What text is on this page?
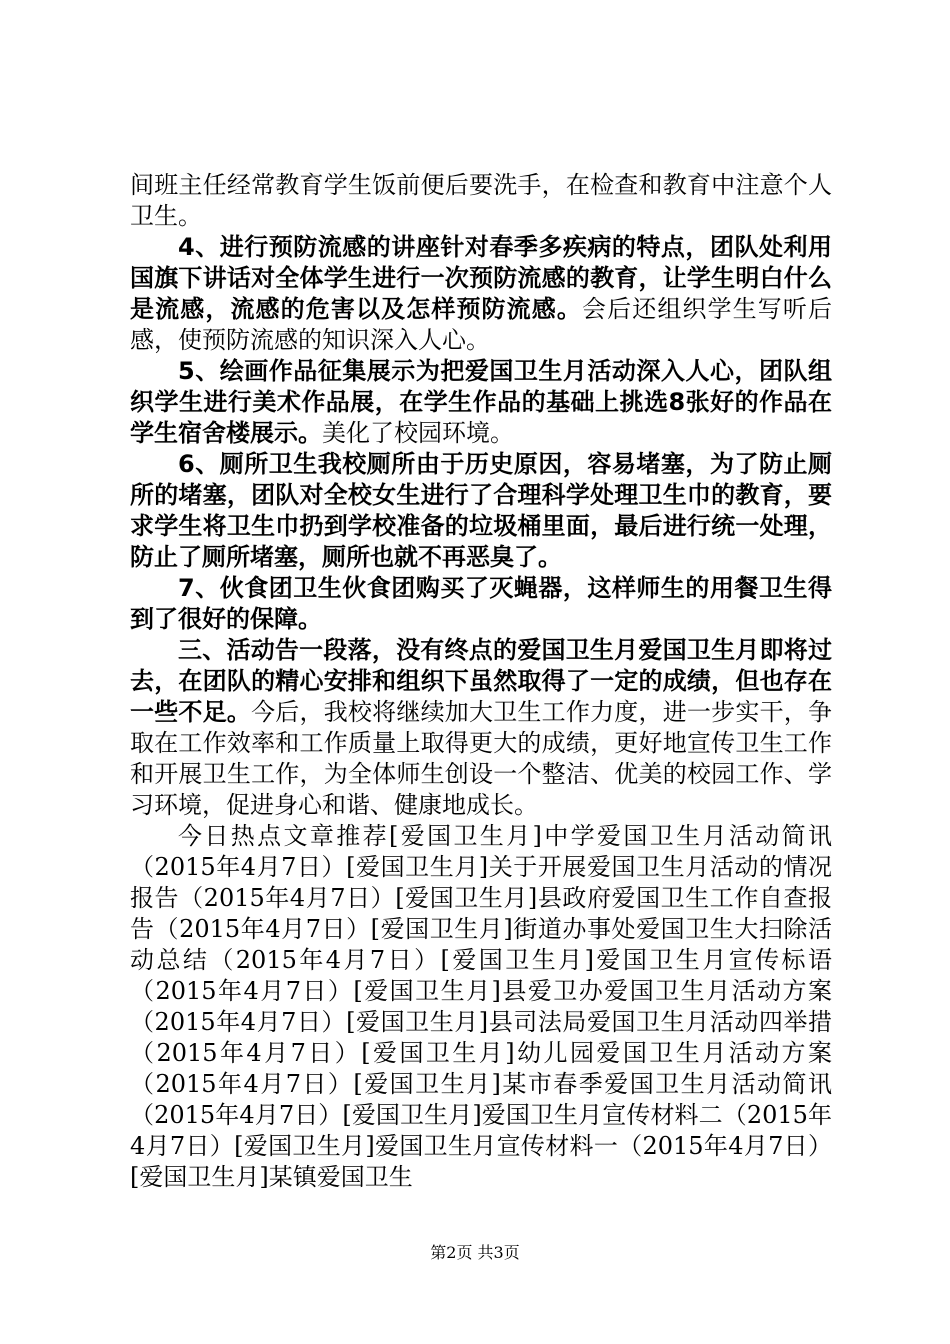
间班主任经常教育学生饭前便后要洗手，在检查和教育中注意个人卫生。

4、进行预防流感的讲座针对春季多疾病的特点，团队处利用国旗下讲话对全体学生进行一次预防流感的教育，让学生明白什么是流感，流感的危害以及怎样预防流感。会后还组织学生写听后感，使预防流感的知识深入人心。

5、绘画作品征集展示为把爱国卫生月活动深入人心，团队组织学生进行美术作品展，在学生作品的基础上挑选8张好的作品在学生宿舍楼展示。美化了校园环境。

6、厕所卫生我校厕所由于历史原因，容易堵塞，为了防止厕所的堵塞，团队对全校女生进行了合理科学处理卫生巾的教育，要求学生将卫生巾扔到学校准备的垃圾桶里面，最后进行统一处理，防止了厕所堵塞，厕所也就不再恶臭了。

7、伙食团卫生伙食团购买了灭蝇器，这样师生的用餐卫生得到了很好的保障。

三、活动告一段落，没有终点的爱国卫生月爱国卫生月即将过去，在团队的精心安排和组织下虽然取得了一定的成绩，但也存在一些不足。今后，我校将继续加大卫生工作力度，进一步实干，争取在工作效率和工作质量上取得更大的成绩，更好地宣传卫生工作和开展卫生工作，为全体师生创设一个整洁、优美的校园工作、学习环境，促进身心和谐、健康地成长。

今日热点文章推荐[爱国卫生月]中学爱国卫生月活动简讯（2015年4月7日）[爱国卫生月]关于开展爱国卫生月活动的情况报告（2015年4月7日）[爱国卫生月]县政府爱国卫生工作自查报告（2015年4月7日）[爱国卫生月]街道办事处爱国卫生大扫除活动总结（2015年4月7日）[爱国卫生月]爱国卫生月宣传标语（2015年4月7日）[爱国卫生月]县爱卫办爱国卫生月活动方案（2015年4月7日）[爱国卫生月]县司法局爱国卫生月活动四举措（2015年4月7日）[爱国卫生月]幼儿园爱国卫生月活动方案（2015年4月7日）[爱国卫生月]某市春季爱国卫生月活动简讯（2015年4月7日）[爱国卫生月]爱国卫生月宣传材料二（2015年4月7日）[爱国卫生月]爱国卫生月宣传材料一（2015年4月7日）[爱国卫生月]某镇爱国卫生

第2页 共3页
